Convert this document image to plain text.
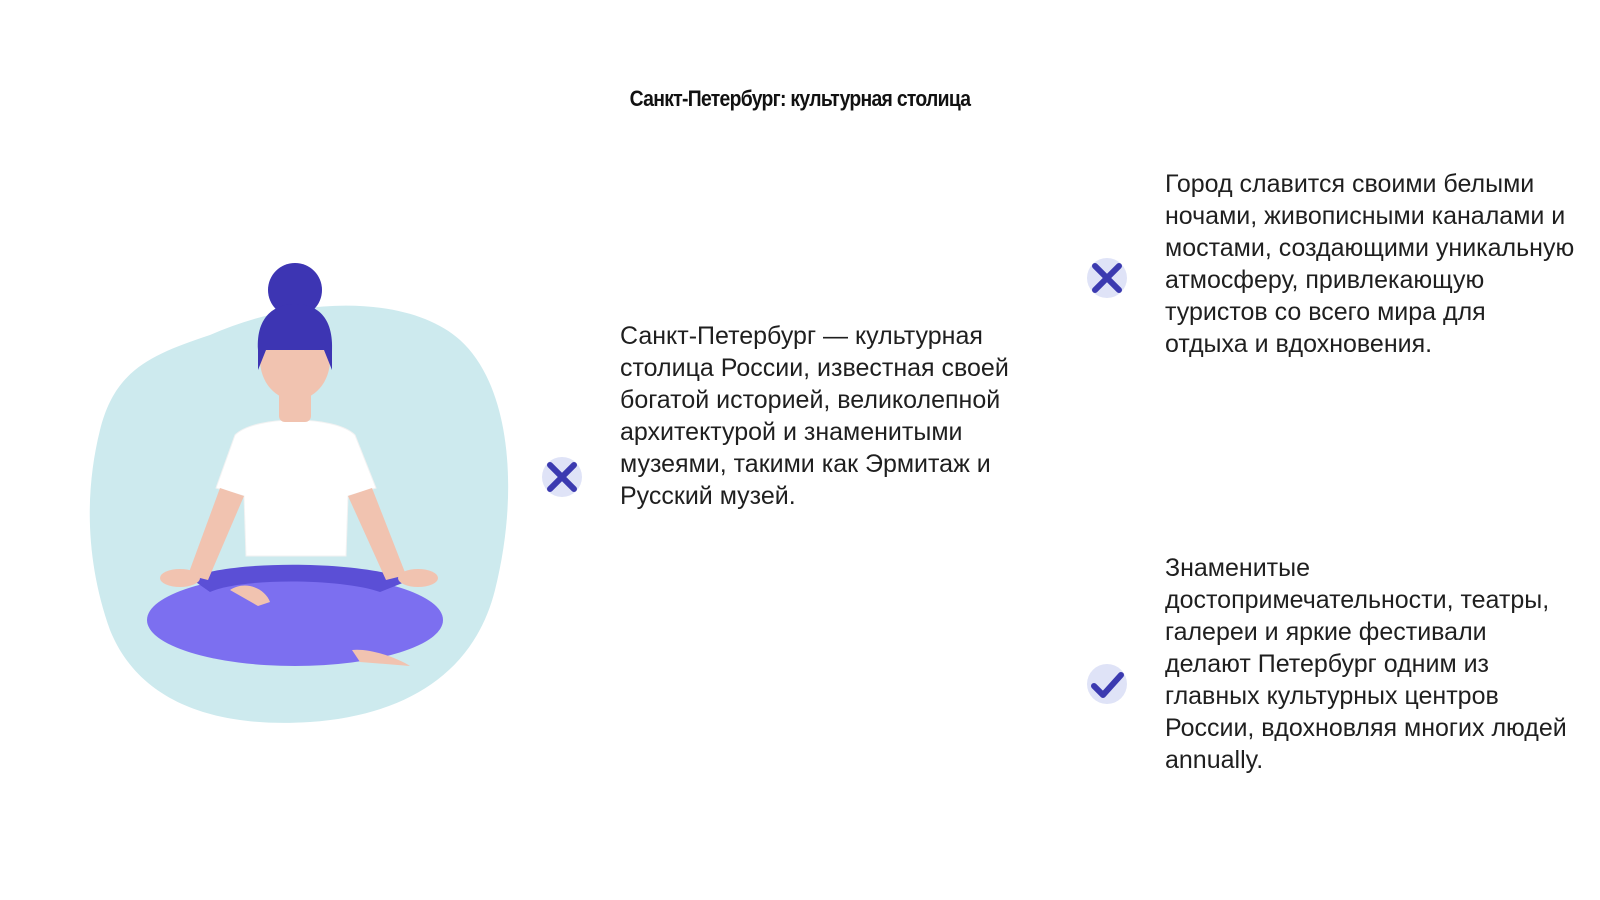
Санкт-Петербург: культурная столица
Санкт-Петербург — культурная столица России, известная своей богатой историей, великолепной архитектурой и знаменитыми музеями, такими как Эрмитаж и Русский музей.
Город славится своими белыми ночами, живописными каналами и мостами, создающими уникальную атмосферу, привлекающую туристов со всего мира для отдыха и вдохновения.
Знаменитые достопримечательности, театры, галереи и яркие фестивали делают Петербург одним из главных культурных центров России, вдохновляя многих людей annually.
